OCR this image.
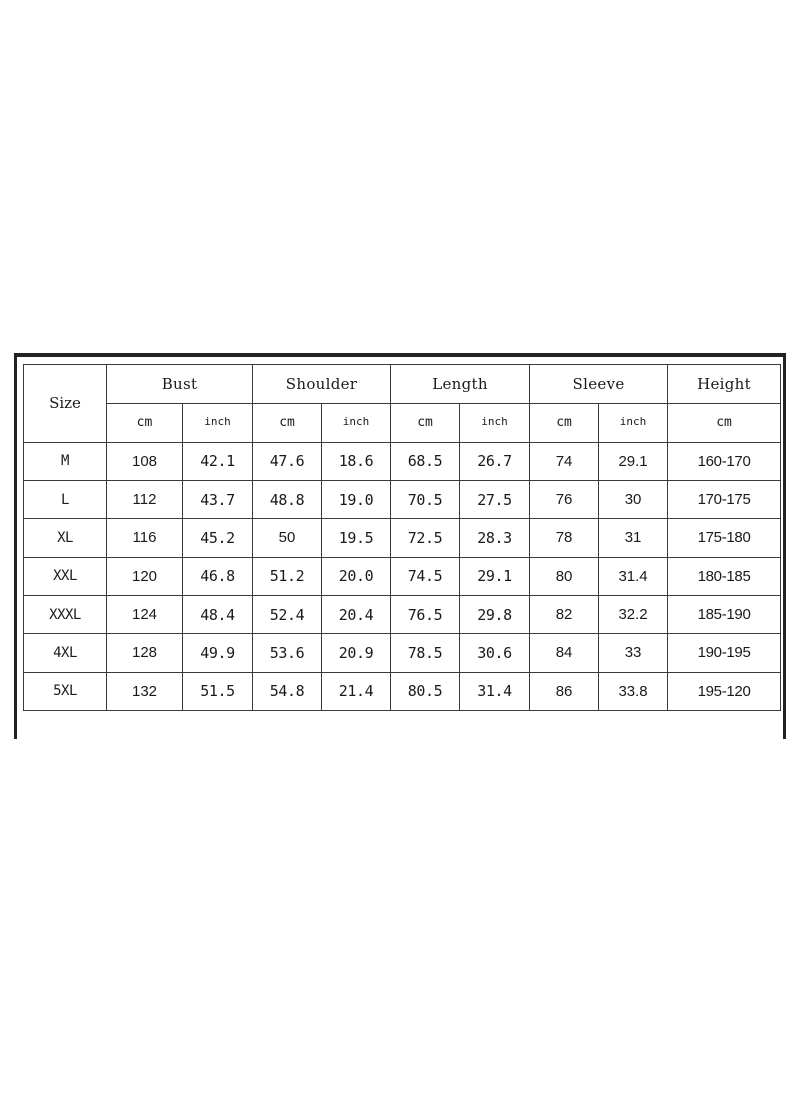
Size	Bust		Shoulder		Length		Sleeve		Height
	cm	inch	cm	inch	cm	inch	cm	inch	cm
M	108	42.1	47.6	18.6	68.5	26.7	74	29.1	160-170
L	112	43.7	48.8	19.0	70.5	27.5	76	30	170-175
XL	116	45.2	50	19.5	72.5	28.3	78	31	175-180
XXL	120	46.8	51.2	20.0	74.5	29.1	80	31.4	180-185
XXXL	124	48.4	52.4	20.4	76.5	29.8	82	32.2	185-190
4XL	128	49.9	53.6	20.9	78.5	30.6	84	33	190-195
5XL	132	51.5	54.8	21.4	80.5	31.4	86	33.8	195-120
